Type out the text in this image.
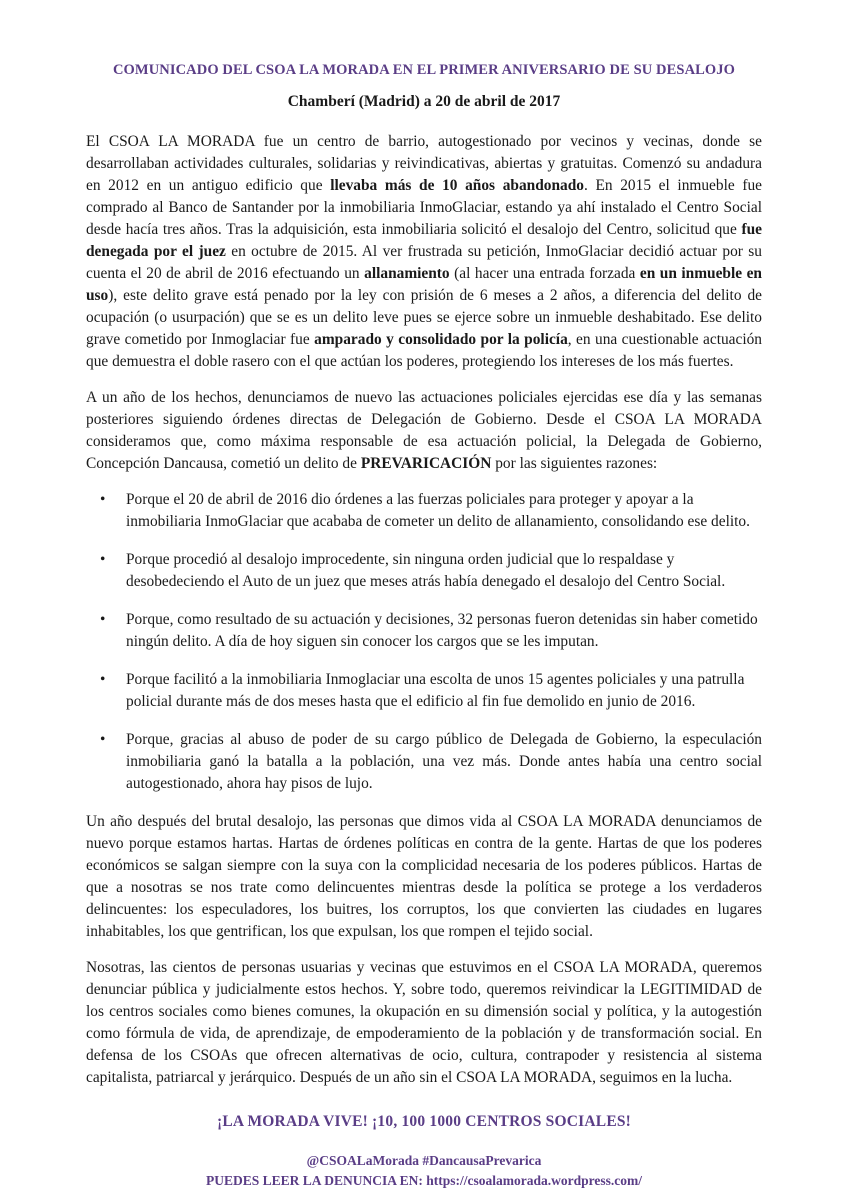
COMUNICADO DEL CSOA LA MORADA EN EL PRIMER ANIVERSARIO DE SU DESALOJO
Chamberí (Madrid) a 20 de abril de 2017

El CSOA LA MORADA fue un centro de barrio, autogestionado por vecinos y vecinas, donde se desarrollaban actividades culturales, solidarias y reivindicativas, abiertas y gratuitas. Comenzó su andadura en 2012 en un antiguo edificio que llevaba más de 10 años abandonado. En 2015 el inmueble fue comprado al Banco de Santander por la inmobiliaria InmoGlaciar, estando ya ahí instalado el Centro Social desde hacía tres años. Tras la adquisición, esta inmobiliaria solicitó el desalojo del Centro, solicitud que fue denegada por el juez en octubre de 2015. Al ver frustrada su petición, InmoGlaciar decidió actuar por su cuenta el 20 de abril de 2016 efectuando un allanamiento (al hacer una entrada forzada en un inmueble en uso), este delito grave está penado por la ley con prisión de 6 meses a 2 años, a diferencia del delito de ocupación (o usurpación) que se es un delito leve pues se ejerce sobre un inmueble deshabitado. Ese delito grave cometido por Inmoglaciar fue amparado y consolidado por la policía, en una cuestionable actuación que demuestra el doble rasero con el que actúan los poderes, protegiendo los intereses de los más fuertes.

A un año de los hechos, denunciamos de nuevo las actuaciones policiales ejercidas ese día y las semanas posteriores siguiendo órdenes directas de Delegación de Gobierno. Desde el CSOA LA MORADA consideramos que, como máxima responsable de esa actuación policial, la Delegada de Gobierno, Concepción Dancausa, cometió un delito de PREVARICACIÓN por las siguientes razones:

• Porque el 20 de abril de 2016 dio órdenes a las fuerzas policiales para proteger y apoyar a la inmobiliaria InmoGlaciar que acababa de cometer un delito de allanamiento, consolidando ese delito.
• Porque procedió al desalojo improcedente, sin ninguna orden judicial que lo respaldase y desobedeciendo el Auto de un juez que meses atrás había denegado el desalojo del Centro Social.
• Porque, como resultado de su actuación y decisiones, 32 personas fueron detenidas sin haber cometido ningún delito. A día de hoy siguen sin conocer los cargos que se les imputan.
• Porque facilitó a la inmobiliaria Inmoglaciar una escolta de unos 15 agentes policiales y una patrulla policial durante más de dos meses hasta que el edificio al fin fue demolido en junio de 2016.
• Porque, gracias al abuso de poder de su cargo público de Delegada de Gobierno, la especulación inmobiliaria ganó la batalla a la población, una vez más. Donde antes había una centro social autogestionado, ahora hay pisos de lujo.

Un año después del brutal desalojo, las personas que dimos vida al CSOA LA MORADA denunciamos de nuevo porque estamos hartas. Hartas de órdenes políticas en contra de la gente. Hartas de que los poderes económicos se salgan siempre con la suya con la complicidad necesaria de los poderes públicos. Hartas de que a nosotras se nos trate como delincuentes mientras desde la política se protege a los verdaderos delincuentes: los especuladores, los buitres, los corruptos, los que convierten las ciudades en lugares inhabitables, los que gentrifican, los que expulsan, los que rompen el tejido social.

Nosotras, las cientos de personas usuarias y vecinas que estuvimos en el CSOA LA MORADA, queremos denunciar pública y judicialmente estos hechos. Y, sobre todo, queremos reivindicar la LEGITIMIDAD de los centros sociales como bienes comunes, la okupación en su dimensión social y política, y la autogestión como fórmula de vida, de aprendizaje, de empoderamiento de la población y de transformación social. En defensa de los CSOAs que ofrecen alternativas de ocio, cultura, contrapoder y resistencia al sistema capitalista, patriarcal y jerárquico. Después de un año sin el CSOA LA MORADA, seguimos en la lucha.

¡LA MORADA VIVE! ¡10, 100 1000 CENTROS SOCIALES!
@CSOALaMorada #DancausaPrevarica
PUEDES LEER LA DENUNCIA EN: https://csoalamorada.wordpress.com/
